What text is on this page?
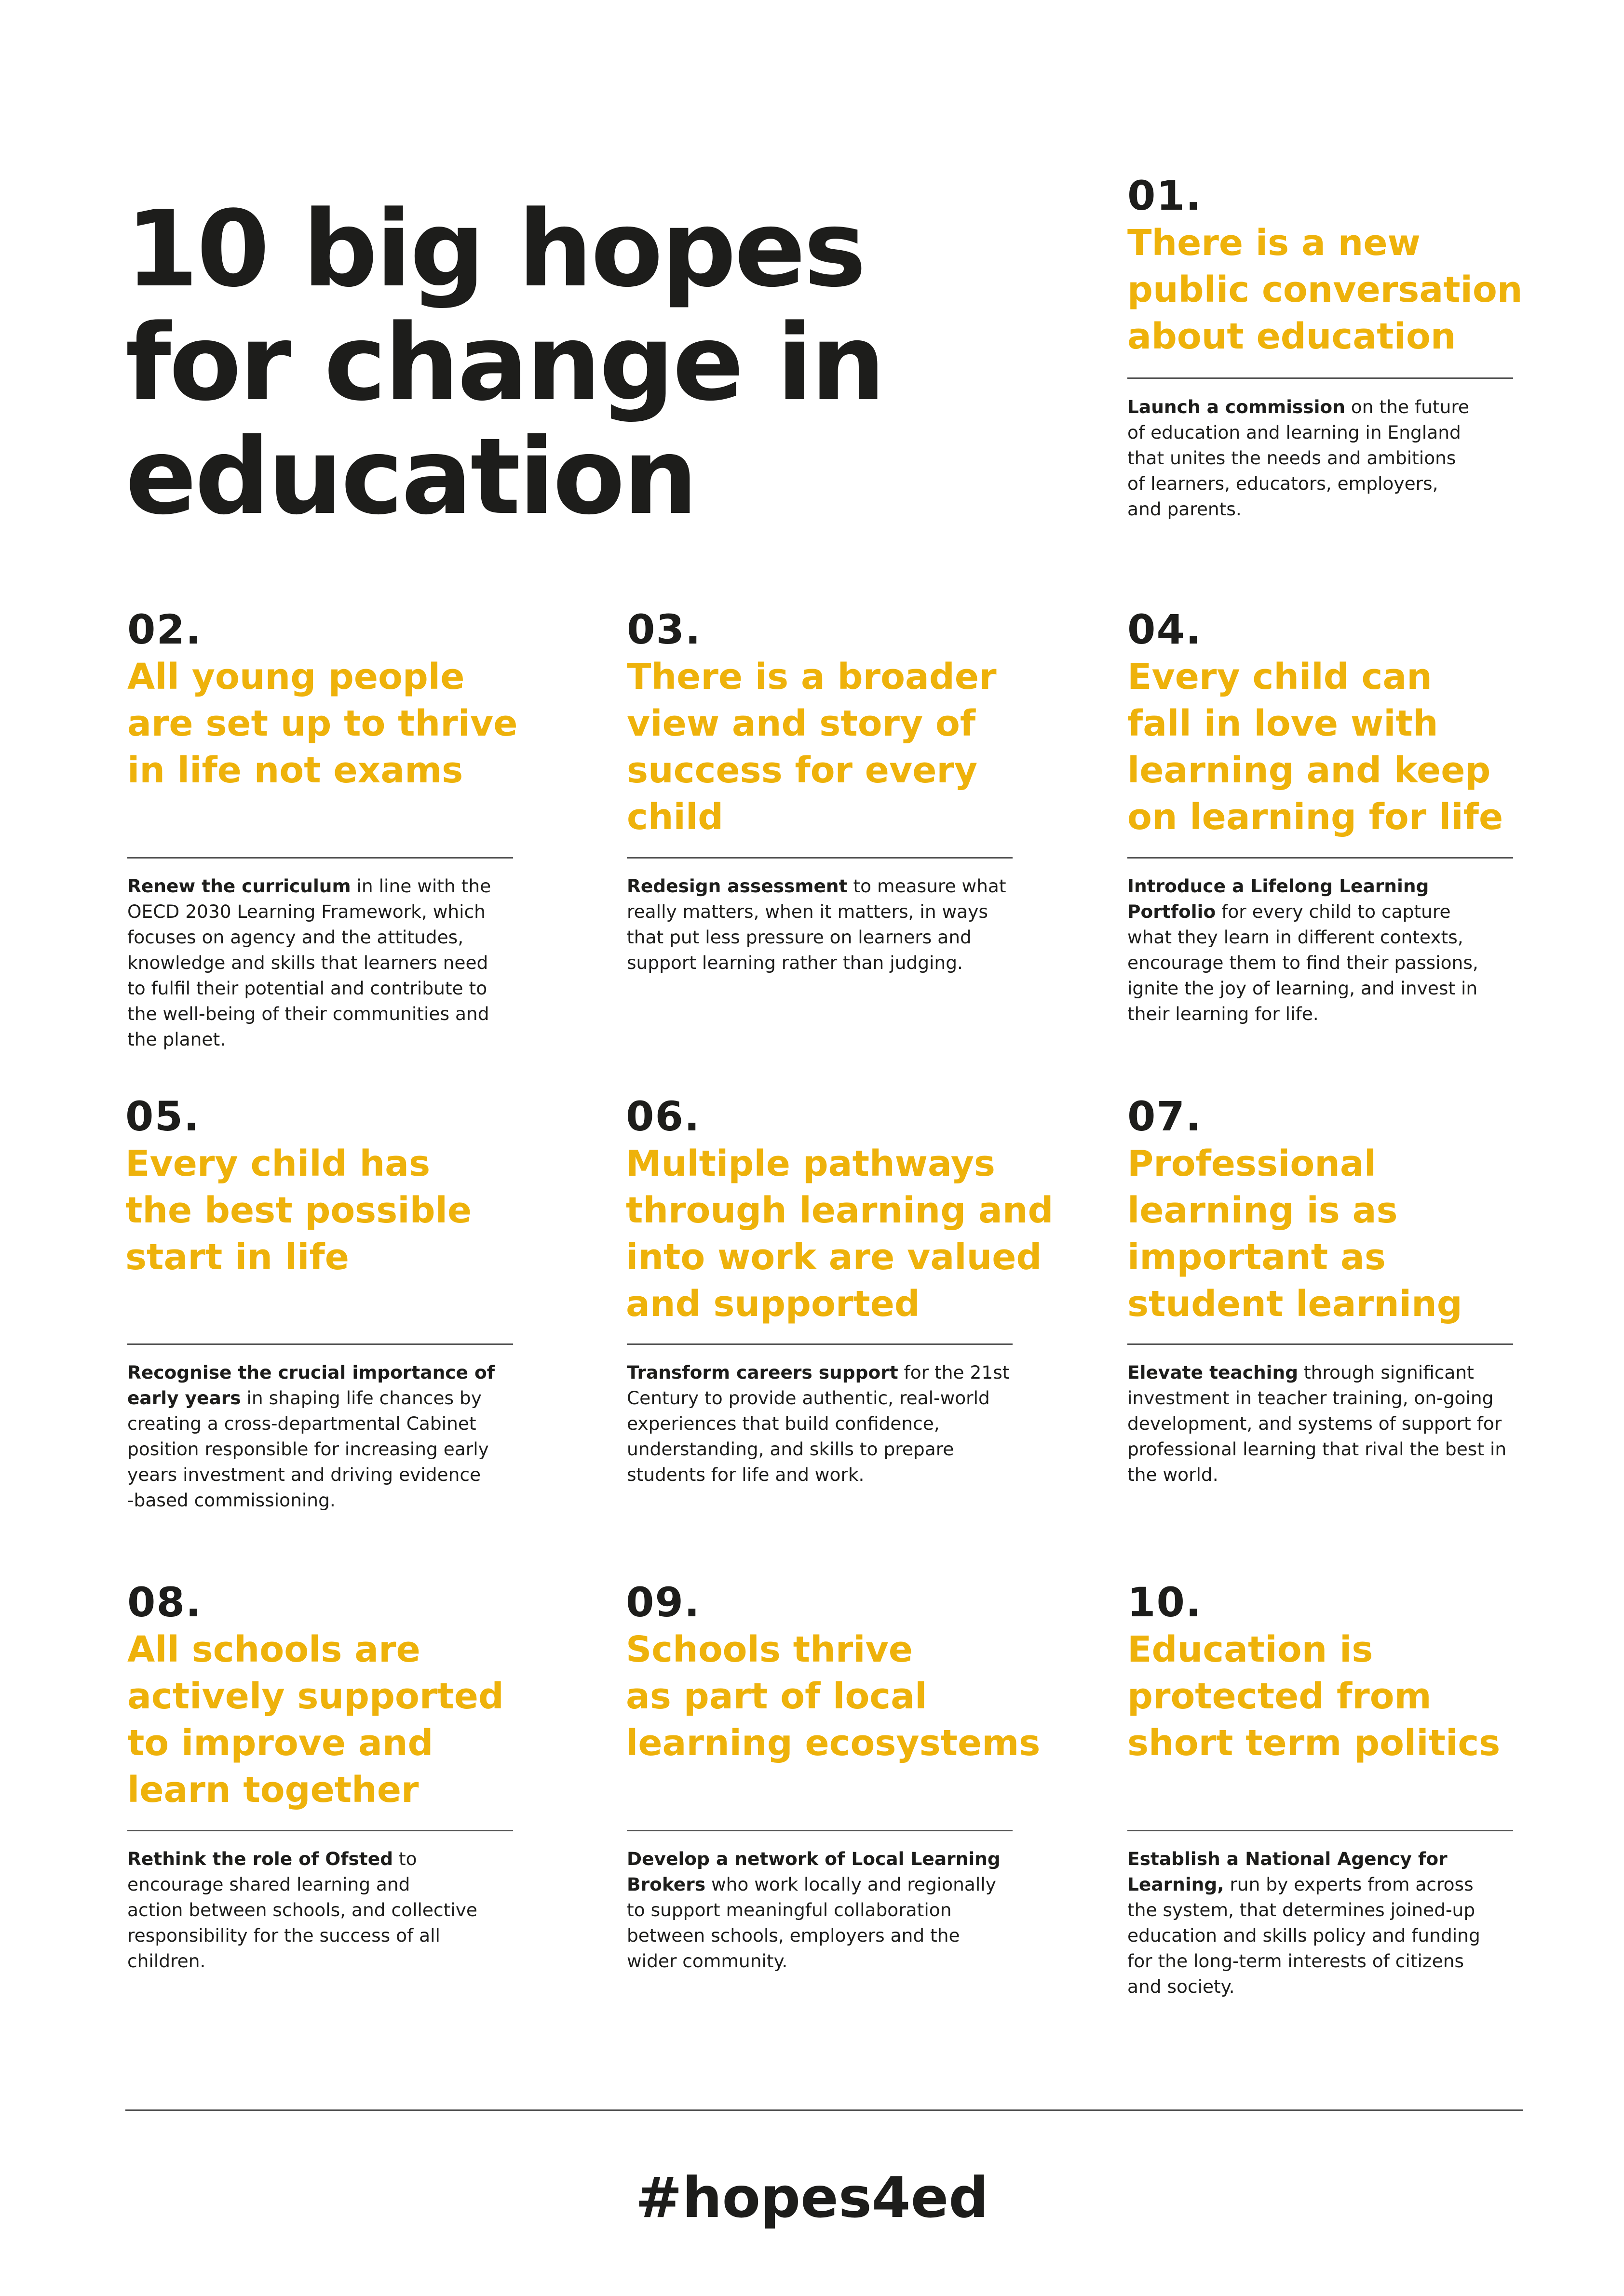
10 big hopes
for change in
education
01.
There is a new
public conversation
about education
Launch a commission on the future
of education and learning in England
that unites the needs and ambitions
of learners, educators, employers,
and parents.
02.
All young people
are set up to thrive
in life not exams
Renew the curriculum in line with the
OECD 2030 Learning Framework, which
focuses on agency and the attitudes,
knowledge and skills that learners need
to fulfil their potential and contribute to
the well-being of their communities and
the planet.
03.
There is a broader
view and story of
success for every
child
Redesign assessment to measure what
really matters, when it matters, in ways
that put less pressure on learners and
support learning rather than judging.
04.
Every child can
fall in love with
learning and keep
on learning for life
Introduce a Lifelong Learning
Portfolio for every child to capture
what they learn in different contexts,
encourage them to find their passions,
ignite the joy of learning, and invest in
their learning for life.
05.
Every child has
the best possible
start in life
Recognise the crucial importance of
early years in shaping life chances by
creating a cross-departmental Cabinet
position responsible for increasing early
years investment and driving evidence
-based commissioning.
06.
Multiple pathways
through learning and
into work are valued
and supported
Transform careers support for the 21st
Century to provide authentic, real-world
experiences that build confidence,
understanding, and skills to prepare
students for life and work.
07.
Professional
learning is as
important as
student learning
Elevate teaching through significant
investment in teacher training, on-going
development, and systems of support for
professional learning that rival the best in
the world.
08.
All schools are
actively supported
to improve and
learn together
Rethink the role of Ofsted to
encourage shared learning and
action between schools, and collective
responsibility for the success of all
children.
09.
Schools thrive
as part of local
learning ecosystems
Develop a network of Local Learning
Brokers who work locally and regionally
to support meaningful collaboration
between schools, employers and the
wider community.
10.
Education is
protected from
short term politics
Establish a National Agency for
Learning, run by experts from across
the system, that determines joined-up
education and skills policy and funding
for the long-term interests of citizens
and society.
#hopes4ed
